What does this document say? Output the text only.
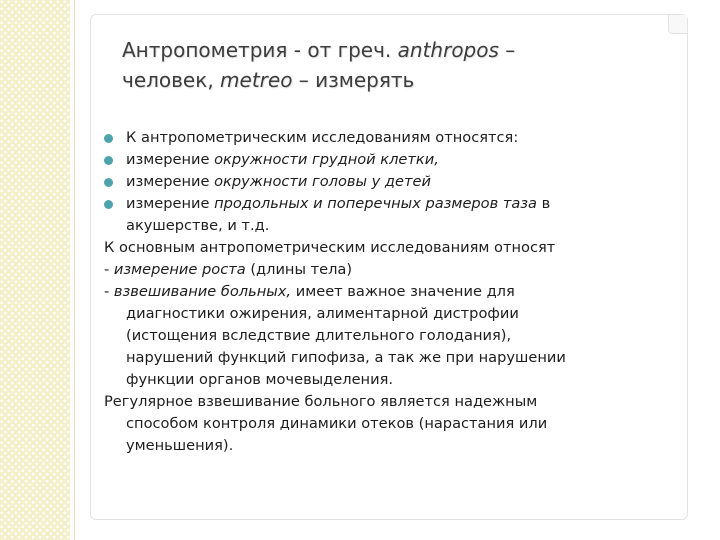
Антропометрия - от греч. anthropos –
человек, metreo – измерять
К антропометрическим исследованиям относятся:
измерение окружности грудной клетки,
измерение окружности головы у детей
измерение продольных и поперечных размеров таза в
акушерстве, и т.д.
К основным антропометрическим исследованиям относят
- измерение роста (длины тела)
- взвешивание больных, имеет важное значение для
диагностики ожирения, алиментарной дистрофии
(истощения вследствие длительного голодания),
нарушений функций гипофиза, а так же при нарушении
функции органов мочевыделения.
Регулярное взвешивание больного является надежным
способом контроля динамики отеков (нарастания или
уменьшения).
